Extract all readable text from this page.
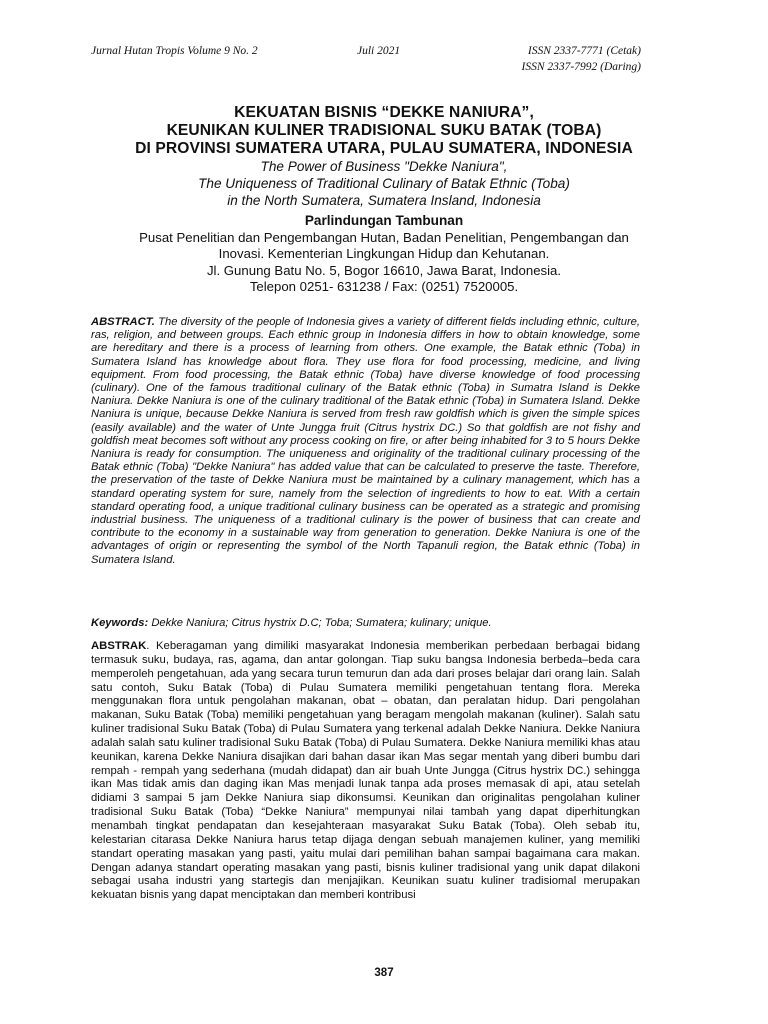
Jurnal Hutan Tropis Volume 9 No. 2	Juli 2021	ISSN 2337-7771 (Cetak)
ISSN 2337-7992 (Daring)
KEKUATAN BISNIS “DEKKE NANIURA”,
KEUNIKAN KULINER TRADISIONAL SUKU BATAK (TOBA)
DI PROVINSI SUMATERA UTARA, PULAU SUMATERA, INDONESIA
The Power of Business "Dekke Naniura",
The Uniqueness of Traditional Culinary of Batak Ethnic (Toba)
in the North Sumatera, Sumatera Insland, Indonesia
Parlindungan Tambunan
Pusat Penelitian dan Pengembangan Hutan, Badan Penelitian, Pengembangan dan
Inovasi. Kementerian Lingkungan Hidup dan Kehutanan.
Jl. Gunung Batu No. 5, Bogor 16610, Jawa Barat, Indonesia.
Telepon 0251- 631238 / Fax: (0251) 7520005.
ABSTRACT. The diversity of the people of Indonesia gives a variety of different fields including ethnic, culture, ras, religion, and between groups. Each ethnic group in Indonesia differs in how to obtain knowledge, some are hereditary and there is a process of learning from others. One example, the Batak ethnic (Toba) in Sumatera Island has knowledge about flora. They use flora for food processing, medicine, and living equipment. From food processing, the Batak ethnic (Toba) have diverse knowledge of food processing (culinary). One of the famous traditional culinary of the Batak ethnic (Toba) in Sumatra Island is Dekke Naniura. Dekke Naniura is one of the culinary traditional of the Batak ethnic (Toba) in Sumatera Island. Dekke Naniura is unique, because Dekke Naniura is served from fresh raw goldfish which is given the simple spices (easily available) and the water of Unte Jungga fruit (Citrus hystrix DC.) So that goldfish are not fishy and goldfish meat becomes soft without any process cooking on fire, or after being inhabited for 3 to 5 hours Dekke Naniura is ready for consumption. The uniqueness and originality of the traditional culinary processing of the Batak ethnic (Toba) "Dekke Naniura" has added value that can be calculated to preserve the taste. Therefore, the preservation of the taste of Dekke Naniura must be maintained by a culinary management, which has a standard operating system for sure, namely from the selection of ingredients to how to eat. With a certain standard operating food, a unique traditional culinary business can be operated as a strategic and promising industrial business. The uniqueness of a traditional culinary is the power of business that can create and contribute to the economy in a sustainable way from generation to generation. Dekke Naniura is one of the advantages of origin or representing the symbol of the North Tapanuli region, the Batak ethnic (Toba) in Sumatera Island.
Keywords: Dekke Naniura; Citrus hystrix D.C; Toba; Sumatera; kulinary; unique.
ABSTRAK. Keberagaman yang dimiliki masyarakat Indonesia memberikan perbedaan berbagai bidang termasuk suku, budaya, ras, agama, dan antar golongan. Tiap suku bangsa Indonesia berbeda–beda cara memperoleh pengetahuan, ada yang secara turun temurun dan ada dari proses belajar dari orang lain. Salah satu contoh, Suku Batak (Toba) di Pulau Sumatera memiliki pengetahuan tentang flora. Mereka menggunakan flora untuk pengolahan makanan, obat – obatan, dan peralatan hidup. Dari pengolahan makanan, Suku Batak (Toba) memiliki pengetahuan yang beragam mengolah makanan (kuliner). Salah satu kuliner tradisional Suku Batak (Toba) di Pulau Sumatera yang terkenal adalah Dekke Naniura. Dekke Naniura adalah salah satu kuliner tradisional Suku Batak (Toba) di Pulau Sumatera. Dekke Naniura memiliki khas atau keunikan, karena Dekke Naniura disajikan dari bahan dasar ikan Mas segar mentah yang diberi bumbu dari rempah - rempah yang sederhana (mudah didapat) dan air buah Unte Jungga (Citrus hystrix DC.) sehingga ikan Mas tidak amis dan daging ikan Mas menjadi lunak tanpa ada proses memasak di api, atau setelah didiami 3 sampai 5 jam Dekke Naniura siap dikonsumsi. Keunikan dan originalitas pengolahan kuliner tradisional Suku Batak (Toba) “Dekke Naniura” mempunyai nilai tambah yang dapat diperhitungkan menambah tingkat pendapatan dan kesejahteraan masyarakat Suku Batak (Toba). Oleh sebab itu, kelestarian citarasa Dekke Naniura harus tetap dijaga dengan sebuah manajemen kuliner, yang memiliki standart operating masakan yang pasti, yaitu mulai dari pemilihan bahan sampai bagaimana cara makan. Dengan adanya standart operating masakan yang pasti, bisnis kuliner tradisional yang unik dapat dilakoni sebagai usaha industri yang startegis dan menjajikan. Keunikan suatu kuliner tradisiomal merupakan kekuatan bisnis yang dapat menciptakan dan memberi kontribusi
387
